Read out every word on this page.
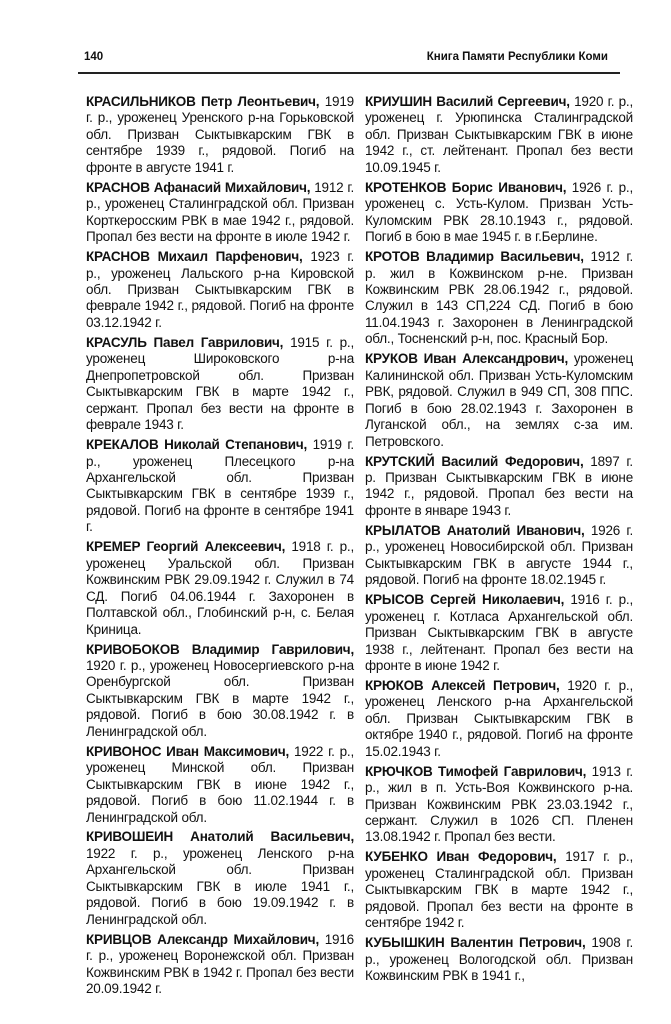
140	Книга Памяти Республики Коми

КРАСИЛЬНИКОВ Петр Леонтьевич, 1919 г. р., уроженец Уренского р-на Горьковской обл. Призван Сыктывкарским ГВК в сентябре 1939 г., рядовой. Погиб на фронте в августе 1941 г.

КРАСНОВ Афанасий Михайлович, 1912 г. р., уроженец Сталинградской обл. Призван Корткеросским РВК в мае 1942 г., рядовой. Пропал без вести на фронте в июле 1942 г.

КРАСНОВ Михаил Парфенович, 1923 г. р., уроженец Лальского р-на Кировской обл. Призван Сыктывкарским ГВК в феврале 1942 г., рядовой. Погиб на фронте 03.12.1942 г.

КРАСУЛЬ Павел Гаврилович, 1915 г. р., уроженец Широковского р-на Днепропетровской обл. Призван Сыктывкарским ГВК в марте 1942 г., сержант. Пропал без вести на фронте в феврале 1943 г.

КРЕКАЛОВ Николай Степанович, 1919 г. р., уроженец Плесецкого р-на Архангельской обл. Призван Сыктывкарским ГВК в сентябре 1939 г., рядовой. Погиб на фронте в сентябре 1941 г.

КРЕМЕР Георгий Алексеевич, 1918 г. р., уроженец Уральской обл. Призван Кожвинским РВК 29.09.1942 г. Служил в 74 СД. Погиб 04.06.1944 г. Захоронен в Полтавской обл., Глобинский р-н, с. Белая Криница.

КРИВОБОКОВ Владимир Гаврилович, 1920 г. р., уроженец Новосергиевского р-на Оренбургской обл. Призван Сыктывкарским ГВК в марте 1942 г., рядовой. Погиб в бою 30.08.1942 г. в Ленинградской обл.

КРИВОНОС Иван Максимович, 1922 г. р., уроженец Минской обл. Призван Сыктывкарским ГВК в июне 1942 г., рядовой. Погиб в бою 11.02.1944 г. в Ленинградской обл.

КРИВОШЕИН Анатолий Васильевич, 1922 г. р., уроженец Ленского р-на Архангельской обл. Призван Сыктывкарским ГВК в июле 1941 г., рядовой. Погиб в бою 19.09.1942 г. в Ленинградской обл.

КРИВЦОВ Александр Михайлович, 1916 г. р., уроженец Воронежской обл. Призван Кожвинским РВК в 1942 г. Пропал без вести 20.09.1942 г.

КРИУШИН Василий Сергеевич, 1920 г. р., уроженец г. Урюпинска Сталинградской обл. Призван Сыктывкарским ГВК в июне 1942 г., ст. лейтенант. Пропал без вести 10.09.1945 г.

КРОТЕНКОВ Борис Иванович, 1926 г. р., уроженец с. Усть-Кулом. Призван Усть-Куломским РВК 28.10.1943 г., рядовой. Погиб в бою в мае 1945 г. в г.Берлине.

КРОТОВ Владимир Васильевич, 1912 г. р. жил в Кожвинском р-не. Призван Кожвинским РВК 28.06.1942 г., рядовой. Служил в 143 СП,224 СД. Погиб в бою 11.04.1943 г. Захоронен в Ленинградской обл., Тосненский р-н, пос. Красный Бор.

КРУКОВ Иван Александрович, уроженец Калининской обл. Призван Усть-Куломским РВК, рядовой. Служил в 949 СП, 308 ППС. Погиб в бою 28.02.1943 г. Захоронен в Луганской обл., на землях с-за им. Петровского.

КРУТСКИЙ Василий Федорович, 1897 г. р. Призван Сыктывкарским ГВК в июне 1942 г., рядовой. Пропал без вести на фронте в январе 1943 г.

КРЫЛАТОВ Анатолий Иванович, 1926 г. р., уроженец Новосибирской обл. Призван Сыктывкарским ГВК в августе 1944 г., рядовой. Погиб на фронте 18.02.1945 г.

КРЫСОВ Сергей Николаевич, 1916 г. р., уроженец г. Котласа Архангельской обл. Призван Сыктывкарским ГВК в августе 1938 г., лейтенант. Пропал без вести на фронте в июне 1942 г.

КРЮКОВ Алексей Петрович, 1920 г. р., уроженец Ленского р-на Архангельской обл. Призван Сыктывкарским ГВК в октябре 1940 г., рядовой. Погиб на фронте 15.02.1943 г.

КРЮЧКОВ Тимофей Гаврилович, 1913 г. р., жил в п. Усть-Воя Кожвинского р-на. Призван Кожвинским РВК 23.03.1942 г., сержант. Служил в 1026 СП. Пленен 13.08.1942 г. Пропал без вести.

КУБЕНКО Иван Федорович, 1917 г. р., уроженец Сталинградской обл. Призван Сыктывкарским ГВК в марте 1942 г., рядовой. Пропал без вести на фронте в сентябре 1942 г.

КУБЫШКИН Валентин Петрович, 1908 г. р., уроженец Вологодской обл. Призван Кожвинским РВК в 1941 г.,
